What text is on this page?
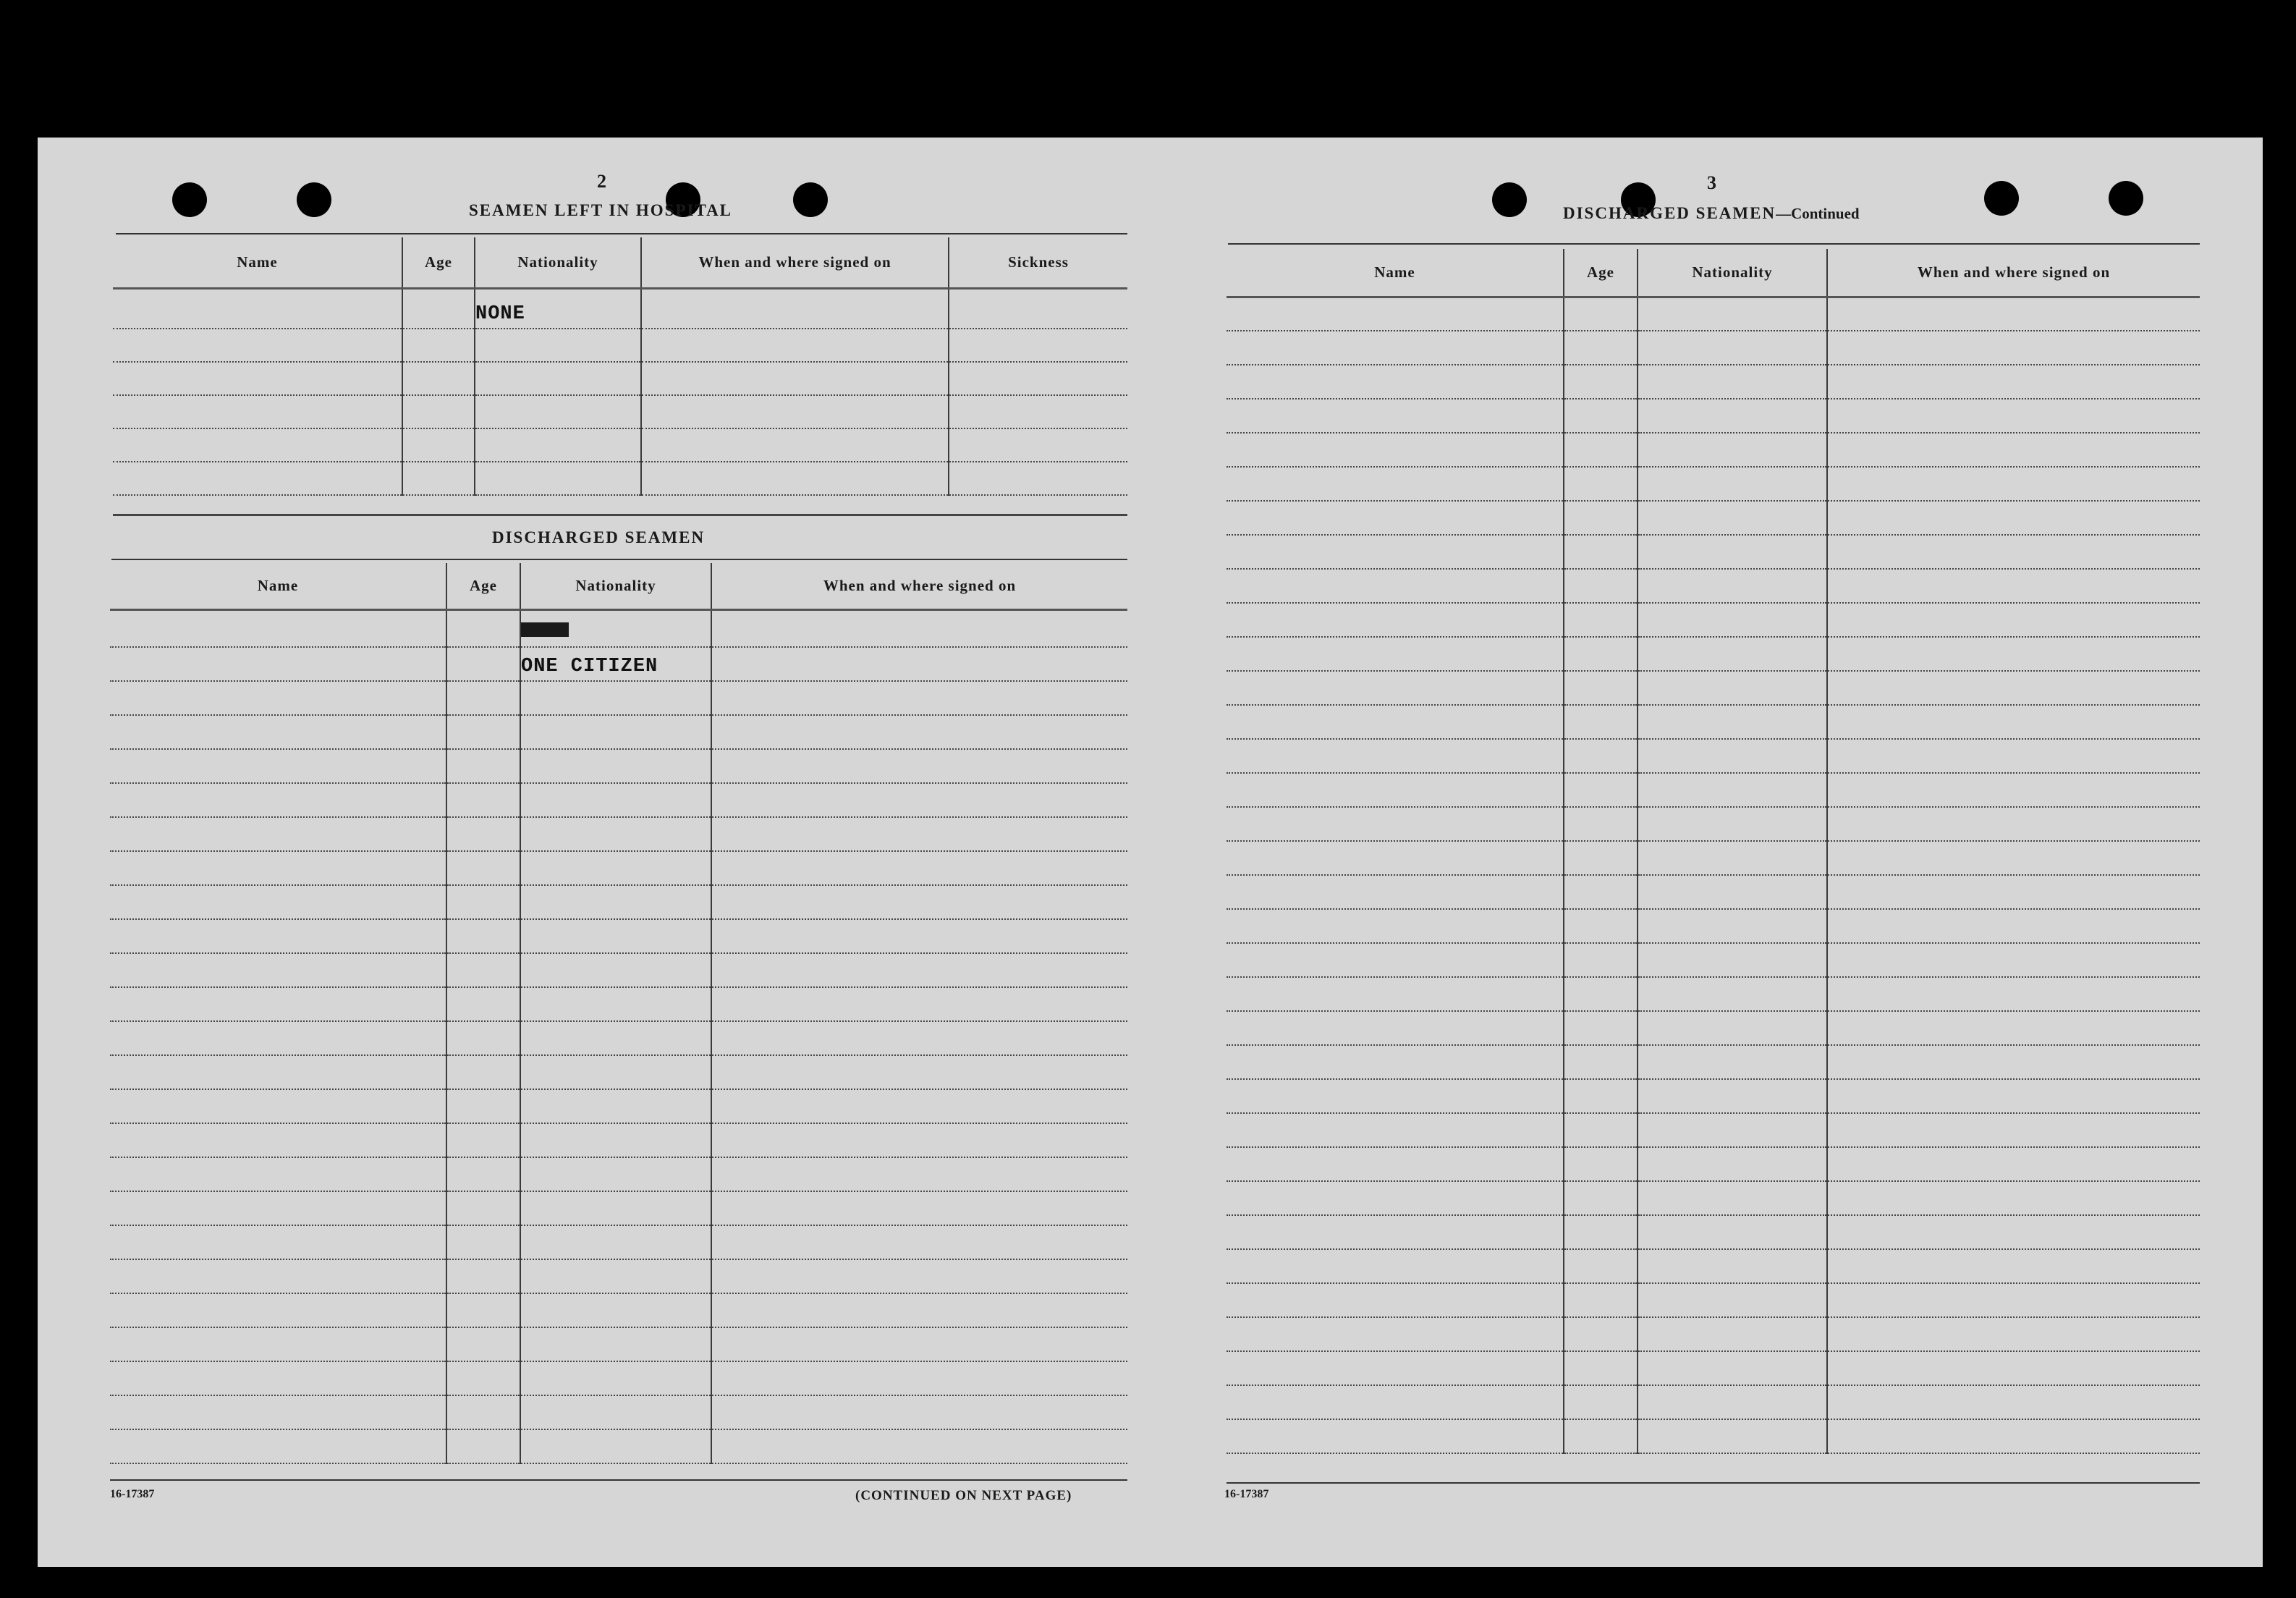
2
SEAMEN LEFT IN HOSPITAL
Name	Age	Nationality	When and where signed on	Sickness
		NONE		

DISCHARGED SEAMEN
Name	Age	Nationality	When and where signed on

		ONE CITIZEN	

16-17387	(CONTINUED ON NEXT PAGE)
3
DISCHARGED SEAMEN—Continued
Name	Age	Nationality	When and where signed on

16-17387
